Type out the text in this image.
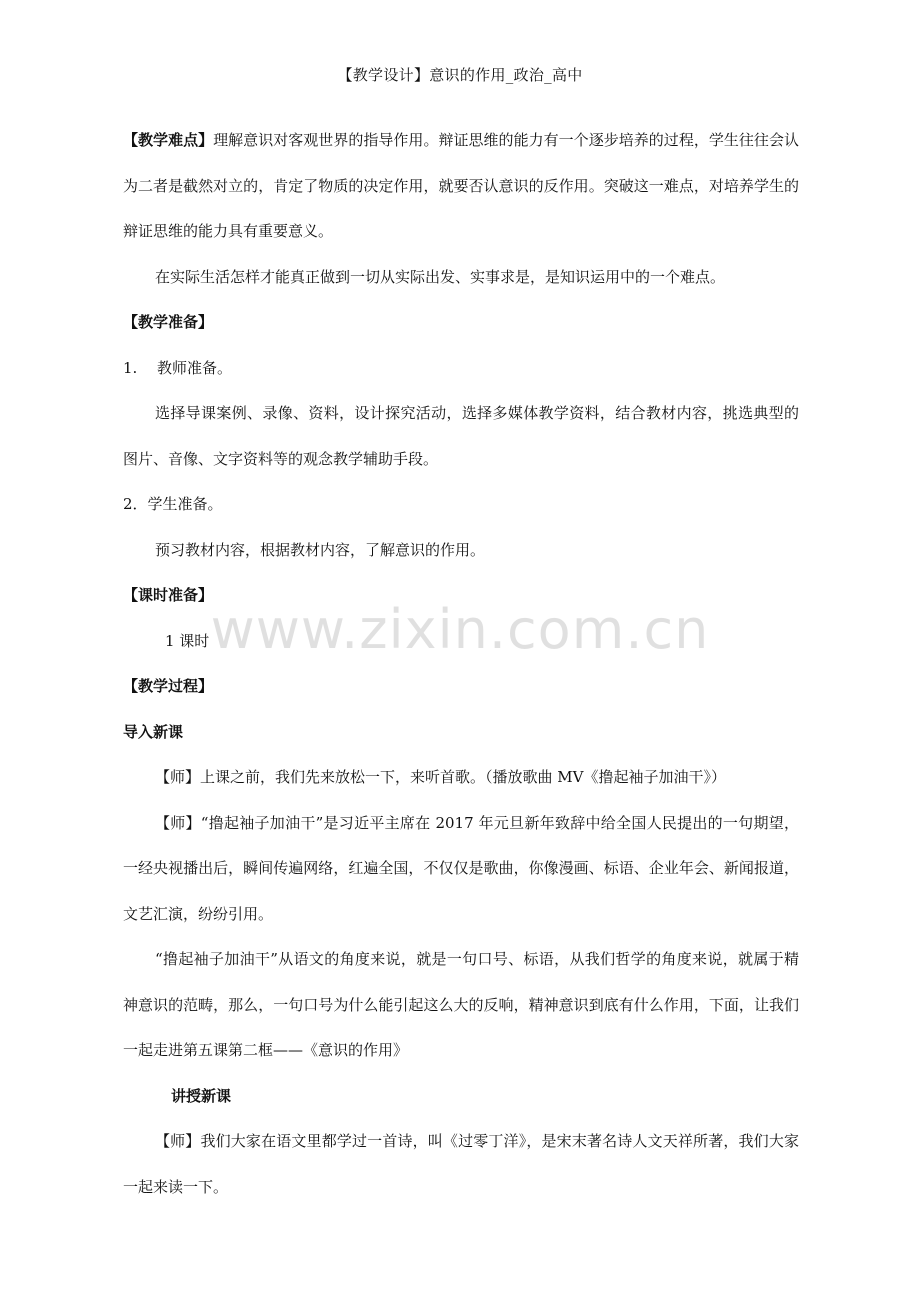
【教学设计】意识的作用_政治_高中

【教学难点】理解意识对客观世界的指导作用。辩证思维的能力有一个逐步培养的过程，学生往往会认为二者是截然对立的，肯定了物质的决定作用，就要否认意识的反作用。突破这一难点，对培养学生的辩证思维的能力具有重要意义。

在实际生活怎样才能真正做到一切从实际出发、实事求是，是知识运用中的一个难点。

【教学准备】

1. 教师准备。

选择导课案例、录像、资料，设计探究活动，选择多媒体教学资料，结合教材内容，挑选典型的图片、音像、文字资料等的观念教学辅助手段。

2．学生准备。

预习教材内容，根据教材内容，了解意识的作用。

【课时准备】

1 课时

【教学过程】

导入新课

【师】上课之前，我们先来放松一下，来听首歌。（播放歌曲 MV《撸起袖子加油干》）

【师】“撸起袖子加油干”是习近平主席在 2017 年元旦新年致辞中给全国人民提出的一句期望，一经央视播出后，瞬间传遍网络，红遍全国，不仅仅是歌曲，你像漫画、标语、企业年会、新闻报道，文艺汇演，纷纷引用。

“撸起袖子加油干”从语文的角度来说，就是一句口号、标语，从我们哲学的角度来说，就属于精神意识的范畴，那么，一句口号为什么能引起这么大的反响，精神意识到底有什么作用，下面，让我们一起走进第五课第二框——《意识的作用》

讲授新课

【师】我们大家在语文里都学过一首诗，叫《过零丁洋》，是宋末著名诗人文天祥所著，我们大家一起来读一下。

www.zixin.com.cn
